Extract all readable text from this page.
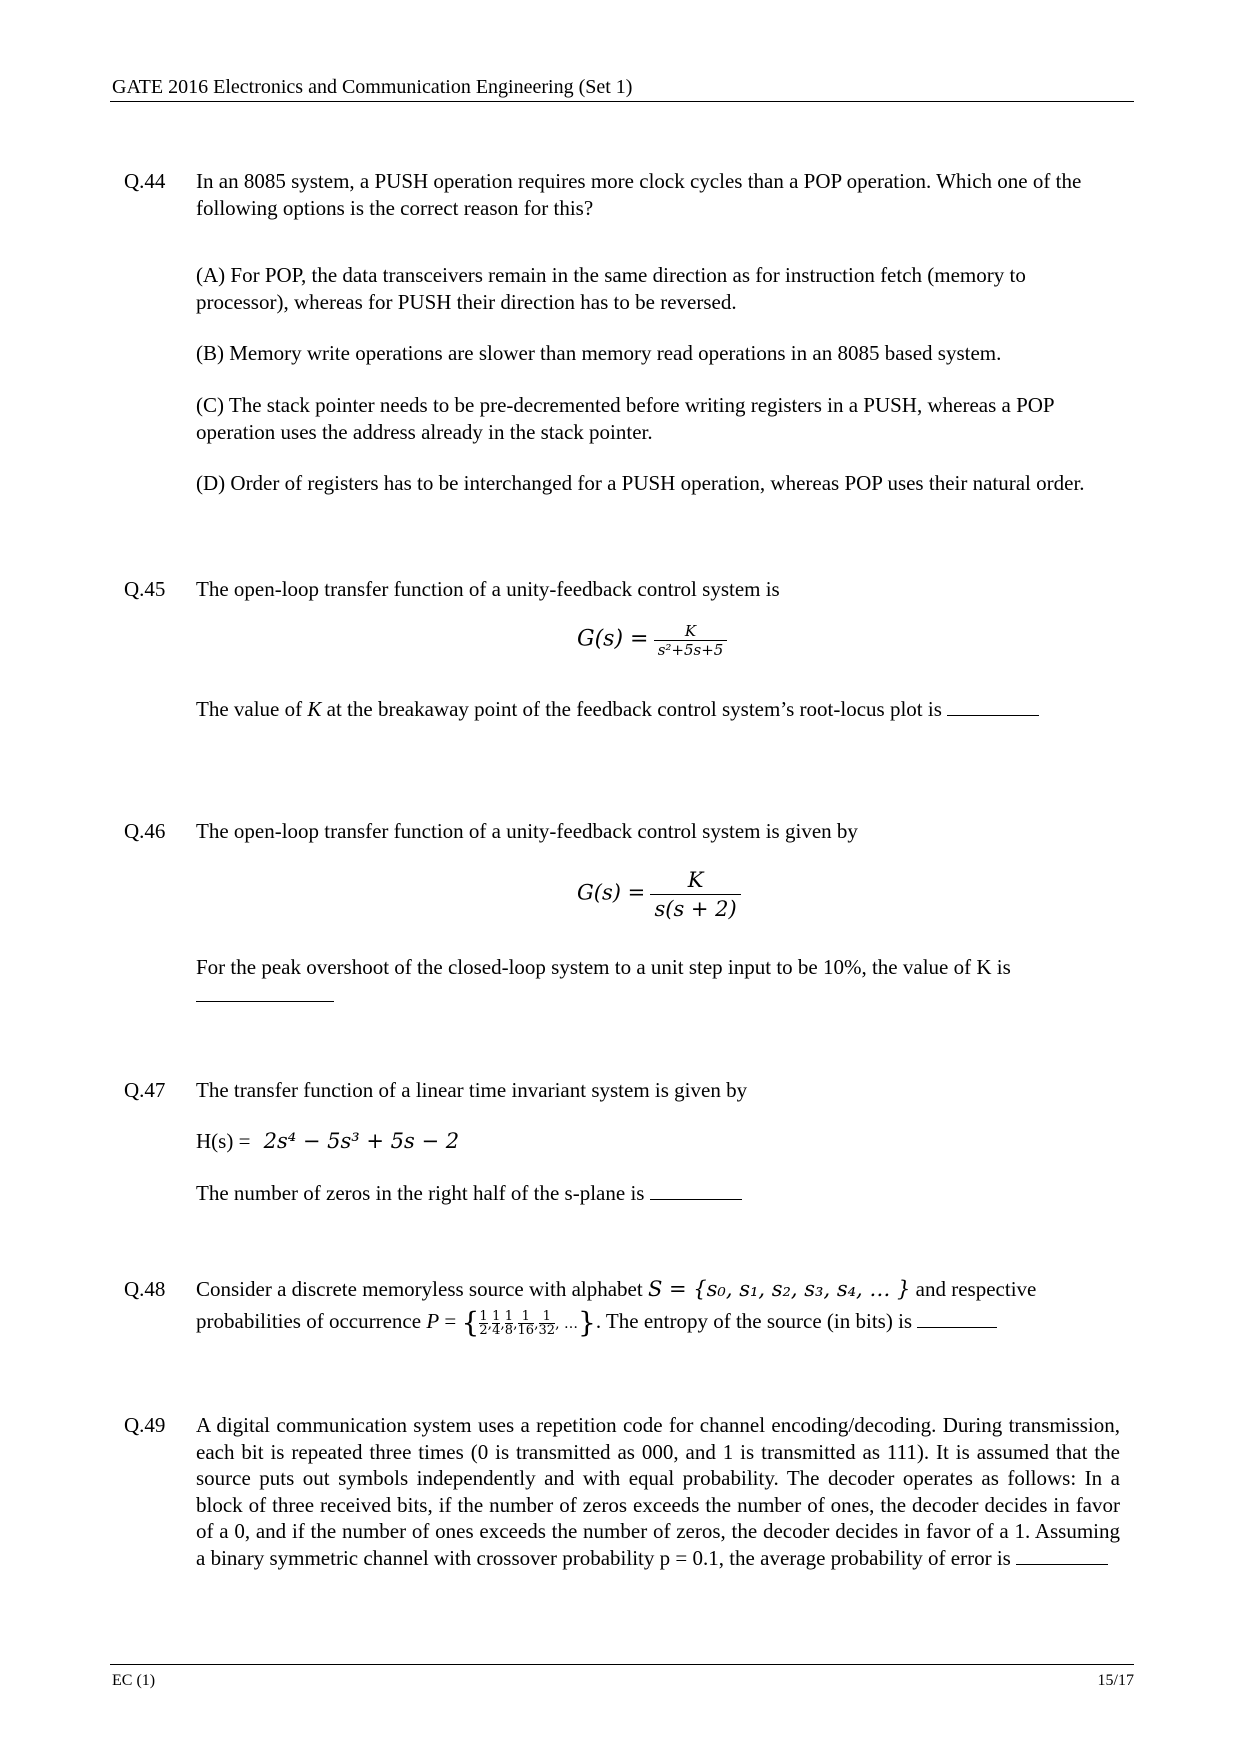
GATE 2016 Electronics and Communication Engineering (Set 1)
Q.44 In an 8085 system, a PUSH operation requires more clock cycles than a POP operation. Which one of the following options is the correct reason for this?
(A) For POP, the data transceivers remain in the same direction as for instruction fetch (memory to processor), whereas for PUSH their direction has to be reversed.
(B) Memory write operations are slower than memory read operations in an 8085 based system.
(C) The stack pointer needs to be pre-decremented before writing registers in a PUSH, whereas a POP operation uses the address already in the stack pointer.
(D) Order of registers has to be interchanged for a PUSH operation, whereas POP uses their natural order.
Q.45 The open-loop transfer function of a unity-feedback control system is
$G(s) = \frac{K}{\text{s²+5s+5}}$
The value of K at the breakaway point of the feedback control system’s root-locus plot is
Q.46 The open-loop transfer function of a unity-feedback control system is given by
$G(s) = \frac{K}{s(s + 2)}$
For the peak overshoot of the closed-loop system to a unit step input to be 10%, the value of K is

Q.47 The transfer function of a linear time invariant system is given by
H(s) = 2s⁴ − 5s³ + 5s − 2
The number of zeros in the right half of the s-plane is
Q.48 Consider a discrete memoryless source with alphabet S = {s₀, s₁, s₂, s₃, s₄, … } and respective
probabilities of occurrence P = { $\frac{1}{2}$ , $\frac{1}{4}$ , $\frac{1}{8}$ , $\frac{1}{16}$ , $\frac{1}{32}$ , …}. The entropy of the source (in bits) is
Q.49 A digital communication system uses a repetition code for channel encoding/decoding. During transmission, each bit is repeated three times (0 is transmitted as 000, and 1 is transmitted as 111). It is assumed that the source puts out symbols independently and with equal probability. The decoder operates as follows: In a block of three received bits, if the number of zeros exceeds the number of ones, the decoder decides in favor of a 0, and if the number of ones exceeds the number of zeros, the decoder decides in favor of a 1. Assuming a binary symmetric channel with crossover probability p = 0.1, the average probability of error is
EC (1)	15/17
